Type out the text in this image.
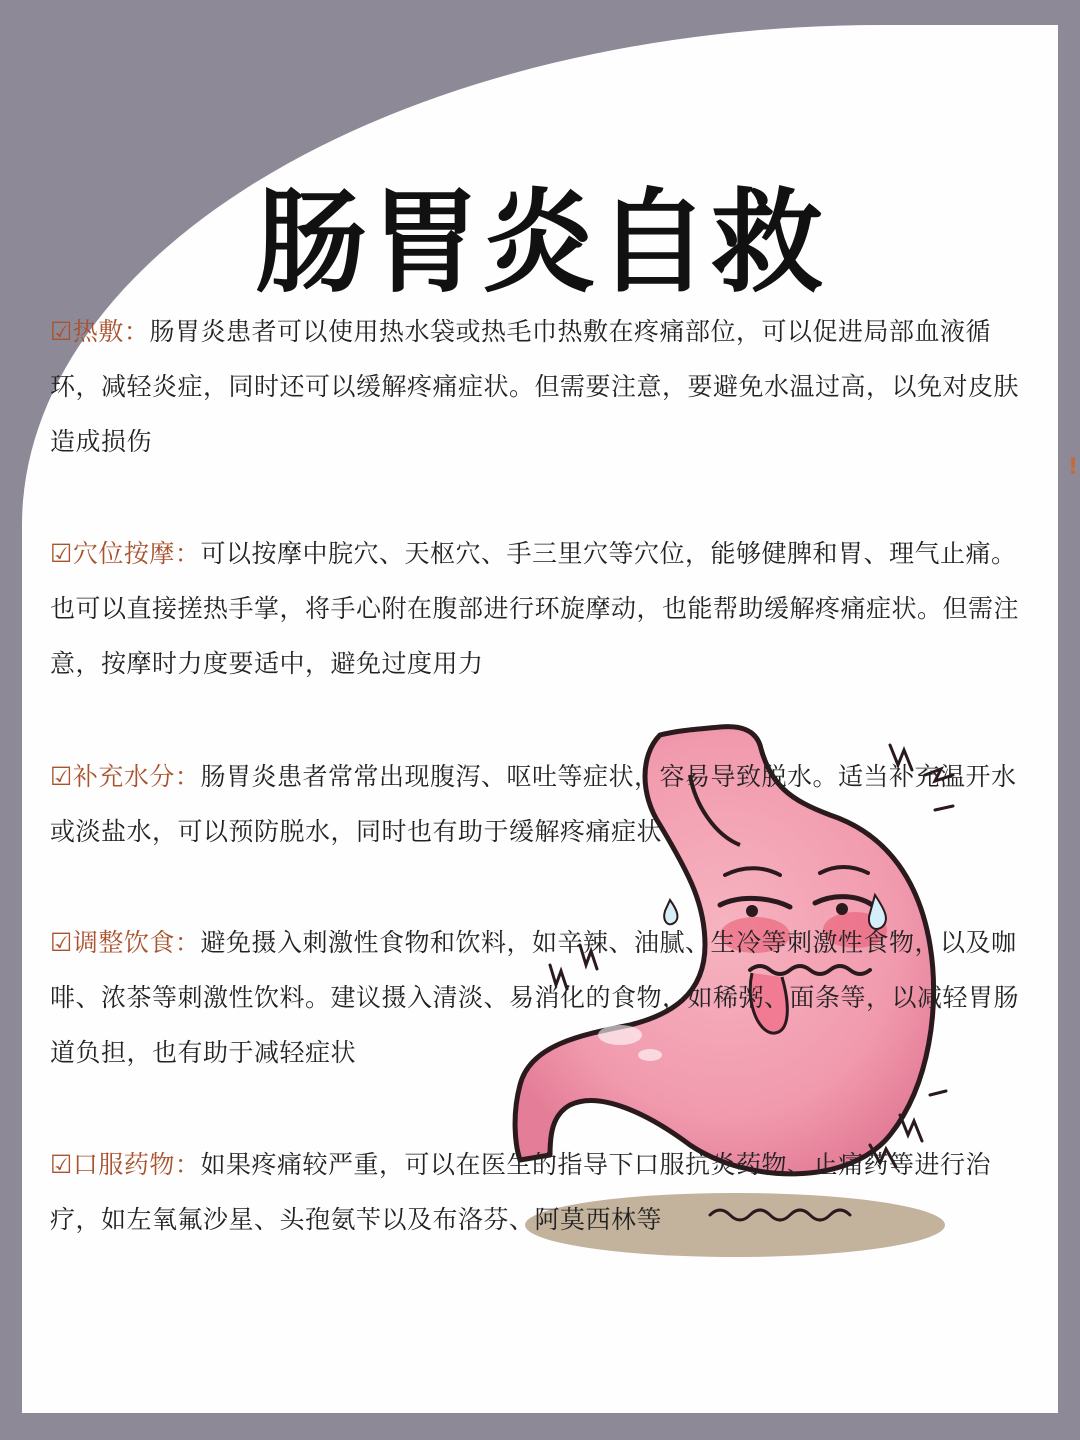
肠胃炎自救
☑热敷：肠胃炎患者可以使用热水袋或热毛巾热敷在疼痛部位，可以促进局部血液循环，减轻炎症，同时还可以缓解疼痛症状。但需要注意，要避免水温过高，以免对皮肤造成损伤
☑穴位按摩：可以按摩中脘穴、天枢穴、手三里穴等穴位，能够健脾和胃、理气止痛。也可以直接搓热手掌，将手心附在腹部进行环旋摩动，也能帮助缓解疼痛症状。但需注意，按摩时力度要适中，避免过度用力
☑补充水分：肠胃炎患者常常出现腹泻、呕吐等症状，容易导致脱水。适当补充温开水或淡盐水，可以预防脱水，同时也有助于缓解疼痛症状
☑调整饮食：避免摄入刺激性食物和饮料，如辛辣、油腻、生冷等刺激性食物，以及咖啡、浓茶等刺激性饮料。建议摄入清淡、易消化的食物，如稀粥、面条等，以减轻胃肠道负担，也有助于减轻症状
☑口服药物：如果疼痛较严重，可以在医生的指导下口服抗炎药物、止痛药等进行治疗，如左氧氟沙星、头孢氨苄以及布洛芬、阿莫西林等
!
